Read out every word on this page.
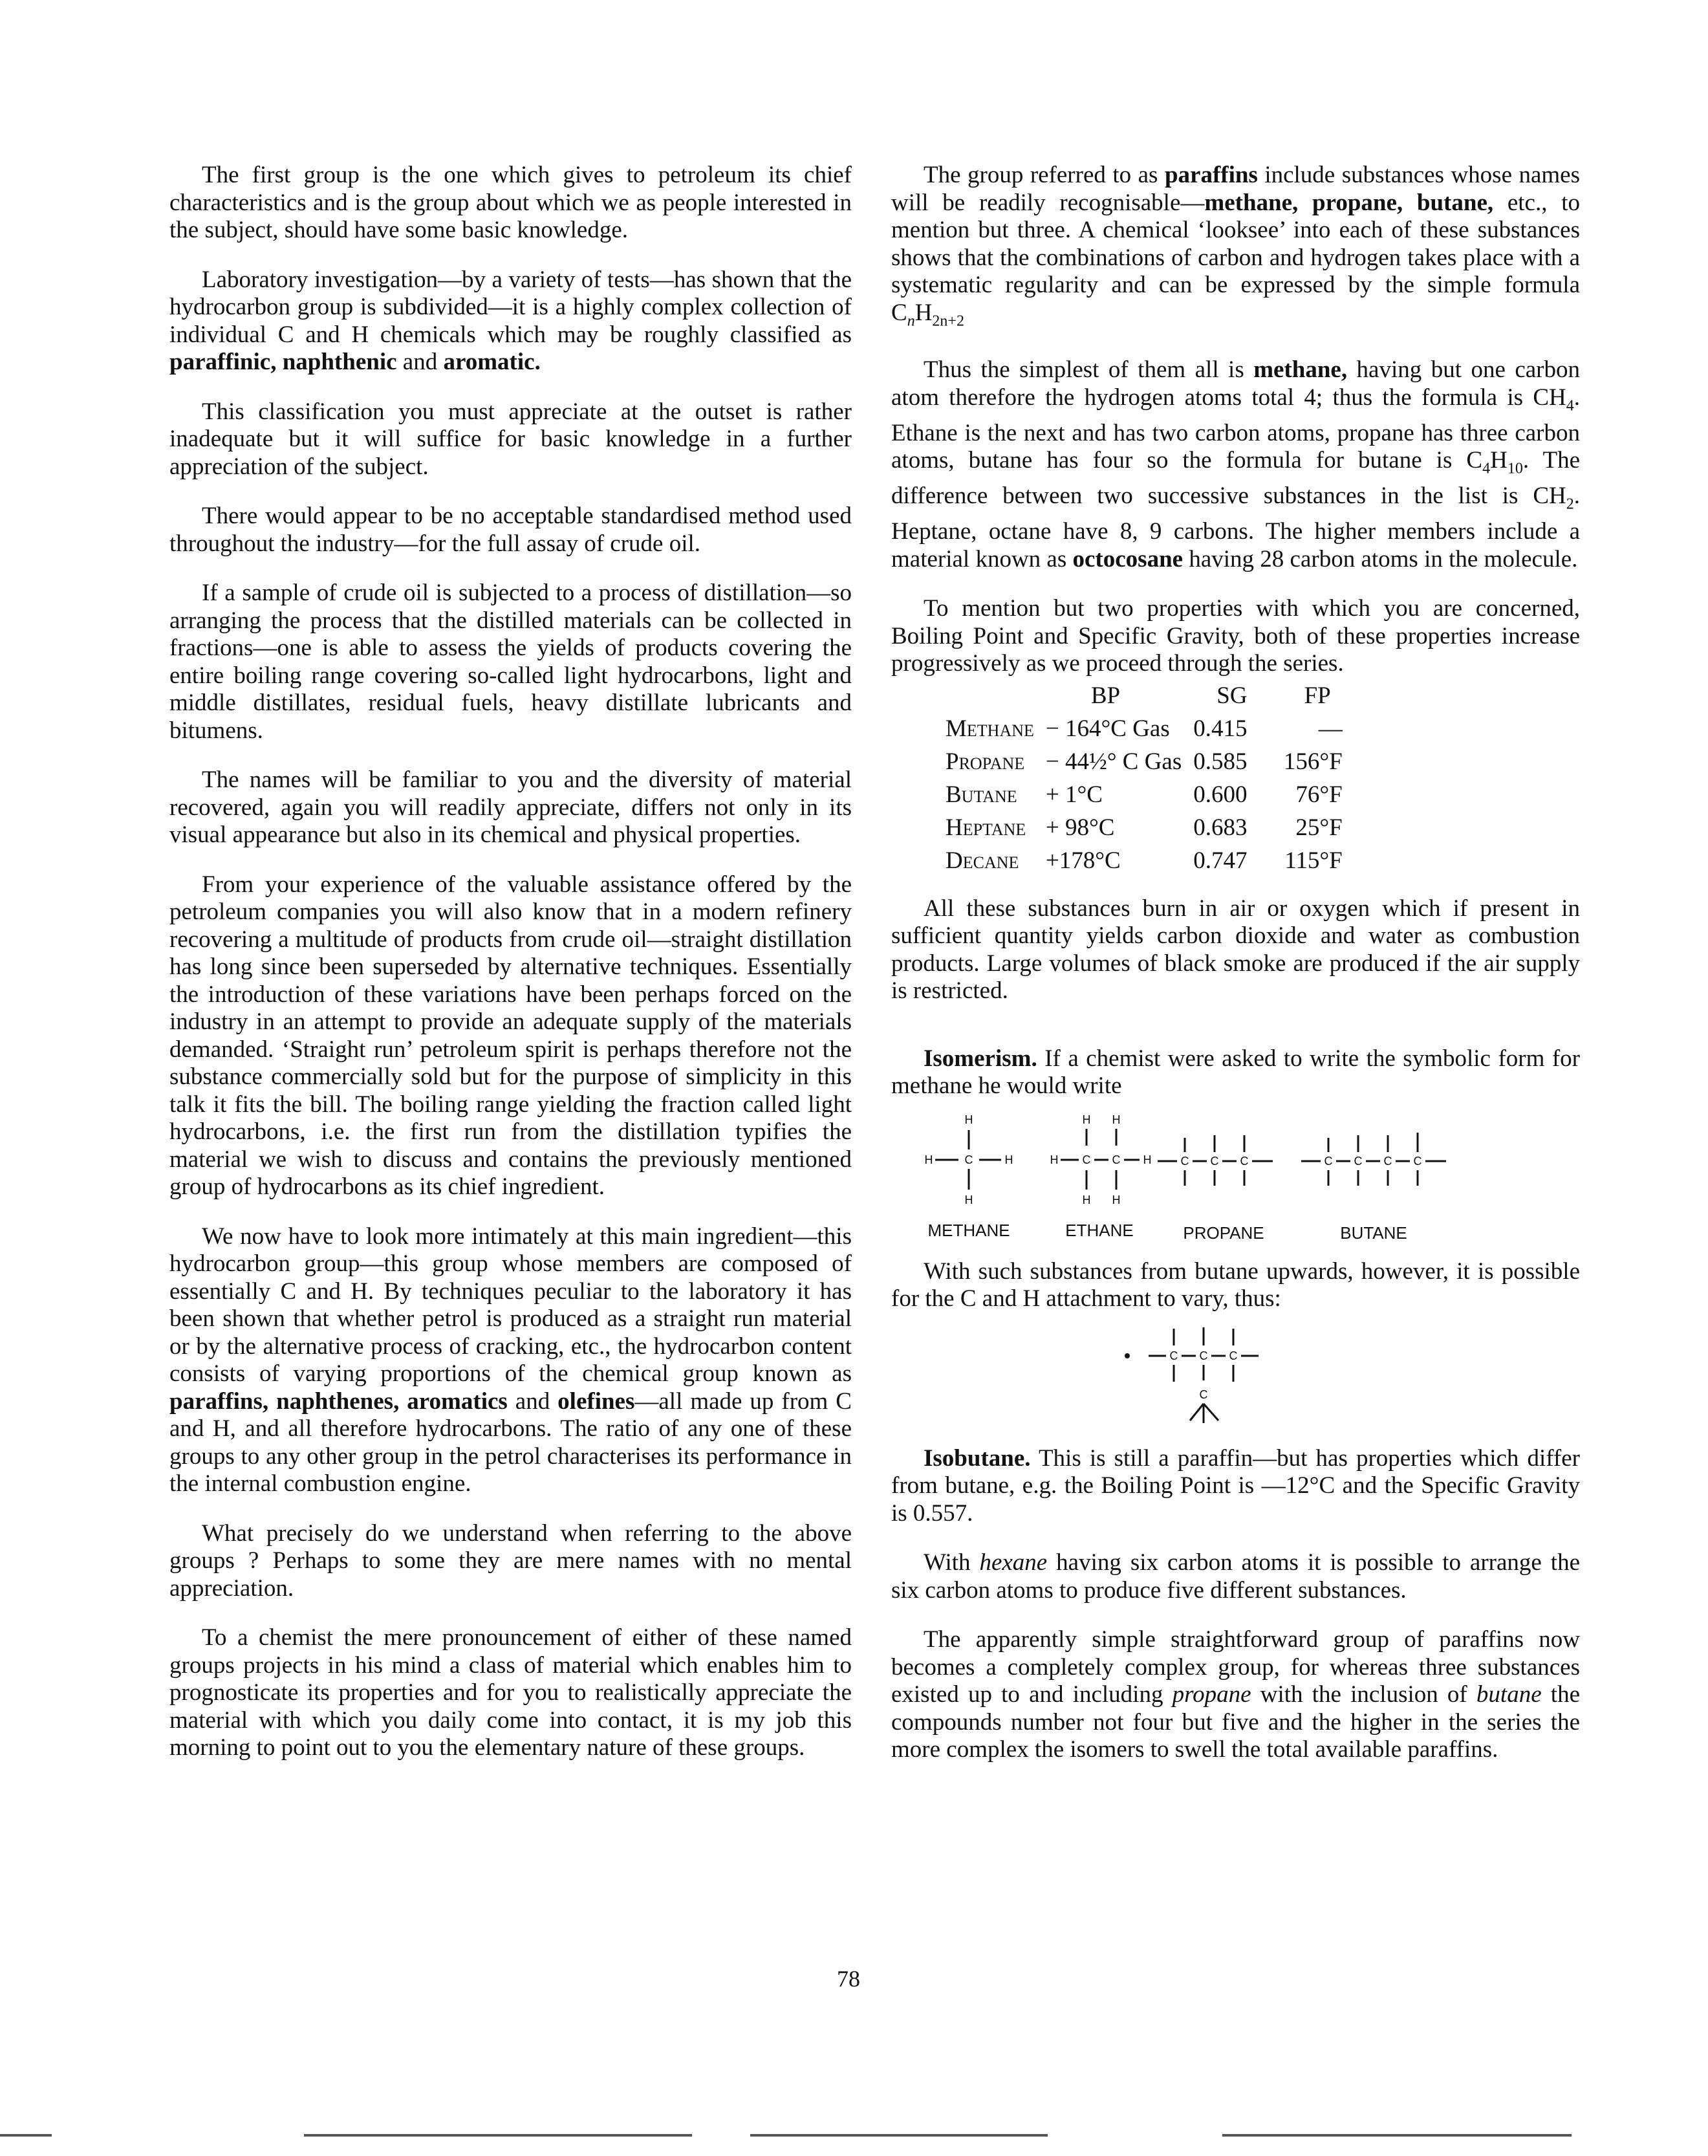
The first group is the one which gives to petroleum its chief characteristics and is the group about which we as people interested in the subject, should have some basic knowledge.

Laboratory investigation—by a variety of tests—has shown that the hydrocarbon group is subdivided—it is a highly complex collection of individual C and H chemicals which may be roughly classified as paraffinic, naphthenic and aromatic.

This classification you must appreciate at the outset is rather inadequate but it will suffice for basic knowledge in a further appreciation of the subject.

There would appear to be no acceptable standardised method used throughout the industry—for the full assay of crude oil.

If a sample of crude oil is subjected to a process of distillation—so arranging the process that the distilled materials can be collected in fractions—one is able to assess the yields of products covering the entire boiling range covering so-called light hydrocarbons, light and middle distillates, residual fuels, heavy distillate lubricants and bitumens.

The names will be familiar to you and the diversity of material recovered, again you will readily appreciate, differs not only in its visual appearance but also in its chemical and physical properties.

From your experience of the valuable assistance offered by the petroleum companies you will also know that in a modern refinery recovering a multitude of products from crude oil—straight distillation has long since been superseded by alternative techniques. Essentially the introduction of these variations have been perhaps forced on the industry in an attempt to provide an adequate supply of the materials demanded. ‘Straight run’ petroleum spirit is perhaps therefore not the substance commercially sold but for the purpose of simplicity in this talk it fits the bill. The boiling range yielding the fraction called light hydrocarbons, i.e. the first run from the distillation typifies the material we wish to discuss and contains the previously mentioned group of hydrocarbons as its chief ingredient.

We now have to look more intimately at this main ingredient—this hydrocarbon group—this group whose members are composed of essentially C and H. By techniques peculiar to the laboratory it has been shown that whether petrol is produced as a straight run material or by the alternative process of cracking, etc., the hydrocarbon content consists of varying proportions of the chemical group known as paraffins, naphthenes, aromatics and olefines—all made up from C and H, and all therefore hydrocarbons. The ratio of any one of these groups to any other group in the petrol characterises its performance in the internal combustion engine.

What precisely do we understand when referring to the above groups ? Perhaps to some they are mere names with no mental appreciation.

To a chemist the mere pronouncement of either of these named groups projects in his mind a class of material which enables him to prognosticate its properties and for you to realistically appreciate the material with which you daily come into contact, it is my job this morning to point out to you the elementary nature of these groups.

The group referred to as paraffins include substances whose names will be readily recognisable—methane, propane, butane, etc., to mention but three. A chemical ‘looksee’ into each of these substances shows that the combinations of carbon and hydrogen takes place with a systematic regularity and can be expressed by the simple formula $C_nH_{2n+2}$

Thus the simplest of them all is methane, having but one carbon atom therefore the hydrogen atoms total 4; thus the formula is $CH_4$. Ethane is the next and has two carbon atoms, propane has three carbon atoms, butane has four so the formula for butane is $C_4H_{10}$. The difference between two successive substances in the list is $CH_2$. Heptane, octane have 8, 9 carbons. The higher members include a material known as octocosane having 28 carbon atoms in the molecule.

To mention but two properties with which you are concerned, Boiling Point and Specific Gravity, both of these properties increase progressively as we proceed through the series.

	BP	SG	FP
Methane	− 164°C Gas	0.415	—
Propane	− 44½° C Gas	0.585	156°F
Butane	+ 1°C	0.600	76°F
Heptane	+ 98°C	0.683	25°F
Decane	+178°C	0.747	115°F

All these substances burn in air or oxygen which if present in sufficient quantity yields carbon dioxide and water as combustion products. Large volumes of black smoke are produced if the air supply is restricted.

Isomerism. If a chemist were asked to write the symbolic form for methane he would write

H
C
H	H
H
H H
H C C H
H H
C C C	C C C C
METHANE	ETHANE	PROPANE	BUTANE

With such substances from butane upwards, however, it is possible for the C and H attachment to vary, thus:

C C C
C

Isobutane. This is still a paraffin—but has properties which differ from butane, e.g. the Boiling Point is —12°C and the Specific Gravity is 0.557.

With hexane having six carbon atoms it is possible to arrange the six carbon atoms to produce five different substances.

The apparently simple straightforward group of paraffins now becomes a completely complex group, for whereas three substances existed up to and including propane with the inclusion of butane the compounds number not four but five and the higher in the series the more complex the isomers to swell the total available paraffins.

78
